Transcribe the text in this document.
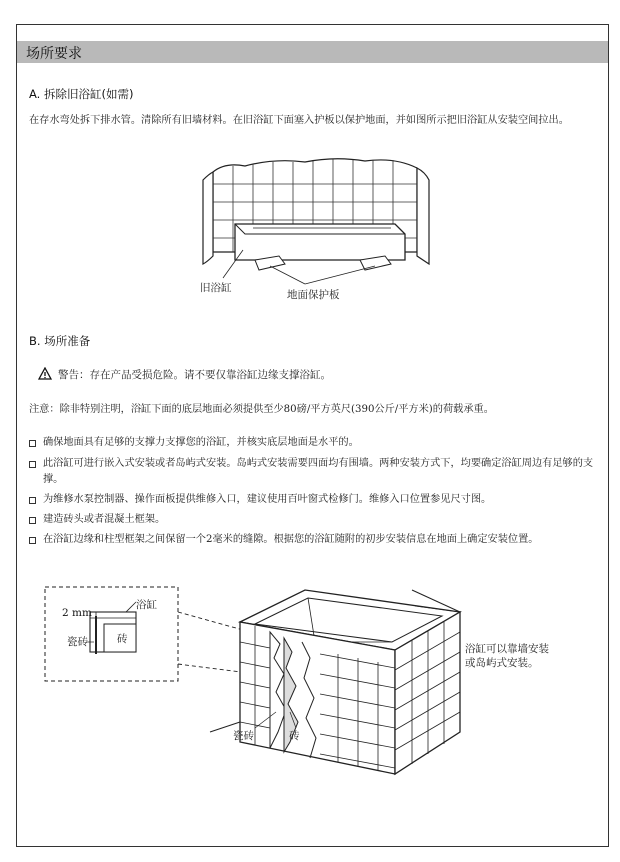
场所要求
A. 拆除旧浴缸(如需)
在存水弯处拆下排水管。清除所有旧墙材料。在旧浴缸下面塞入护板以保护地面，并如图所示把旧浴缸从安装空间拉出。
旧浴缸
地面保护板
B. 场所准备
警告：存在产品受损危险。请不要仅靠浴缸边缘支撑浴缸。
注意：除非特别注明，浴缸下面的底层地面必须提供至少80磅/平方英尺(390公斤/平方米)的荷载承重。
确保地面具有足够的支撑力支撑您的浴缸，并核实底层地面是水平的。
此浴缸可进行嵌入式安装或者岛屿式安装。岛屿式安装需要四面均有围墙。两种安装方式下，均要确定浴缸周边有足够的支撑。
为维修水泵控制器、操作面板提供维修入口，建议使用百叶窗式检修门。维修入口位置参见尺寸图。
建造砖头或者混凝土框架。
在浴缸边缘和柱型框架之间保留一个2毫米的缝隙。根据您的浴缸随附的初步安装信息在地面上确定安装位置。
2 mm
浴缸
瓷砖	砖
瓷砖	砖
浴缸可以靠墙安装
或岛屿式安装。
